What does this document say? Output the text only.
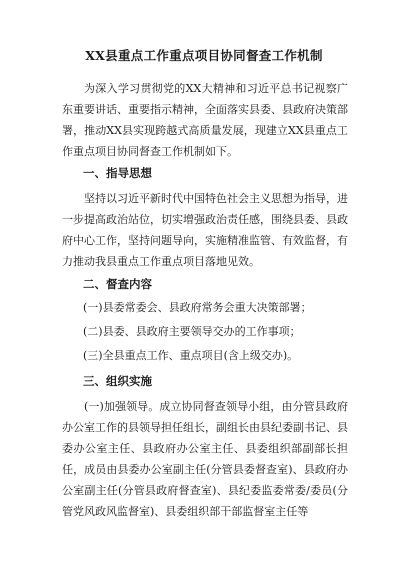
XX县重点工作重点项目协同督查工作机制

为深入学习贯彻党的XX大精神和习近平总书记视察广东重要讲话、重要指示精神，全面落实县委、县政府决策部署，推动XX县实现跨越式高质量发展，现建立XX县重点工作重点项目协同督查工作机制如下。

一、指导思想

坚持以习近平新时代中国特色社会主义思想为指导，进一步提高政治站位，切实增强政治责任感，围绕县委、县政府中心工作，坚持问题导向，实施精准监管、有效监督，有力推动我县重点工作重点项目落地见效。

二、督查内容

(一)县委常委会、县政府常务会重大决策部署；

(二)县委、县政府主要领导交办的工作事项；

(三)全县重点工作、重点项目(含上级交办)。

三、组织实施

(一)加强领导。成立协同督查领导小组，由分管县政府办公室工作的县领导担任组长，副组长由县纪委副书记、县委办公室主任、县政府办公室主任、县委组织部副部长担任，成员由县委办公室副主任(分管县委督查室)、县政府办公室副主任(分管县政府督查室)、县纪委监委常委/委员(分管党风政风监督室)、县委组织部干部监督室主任等
